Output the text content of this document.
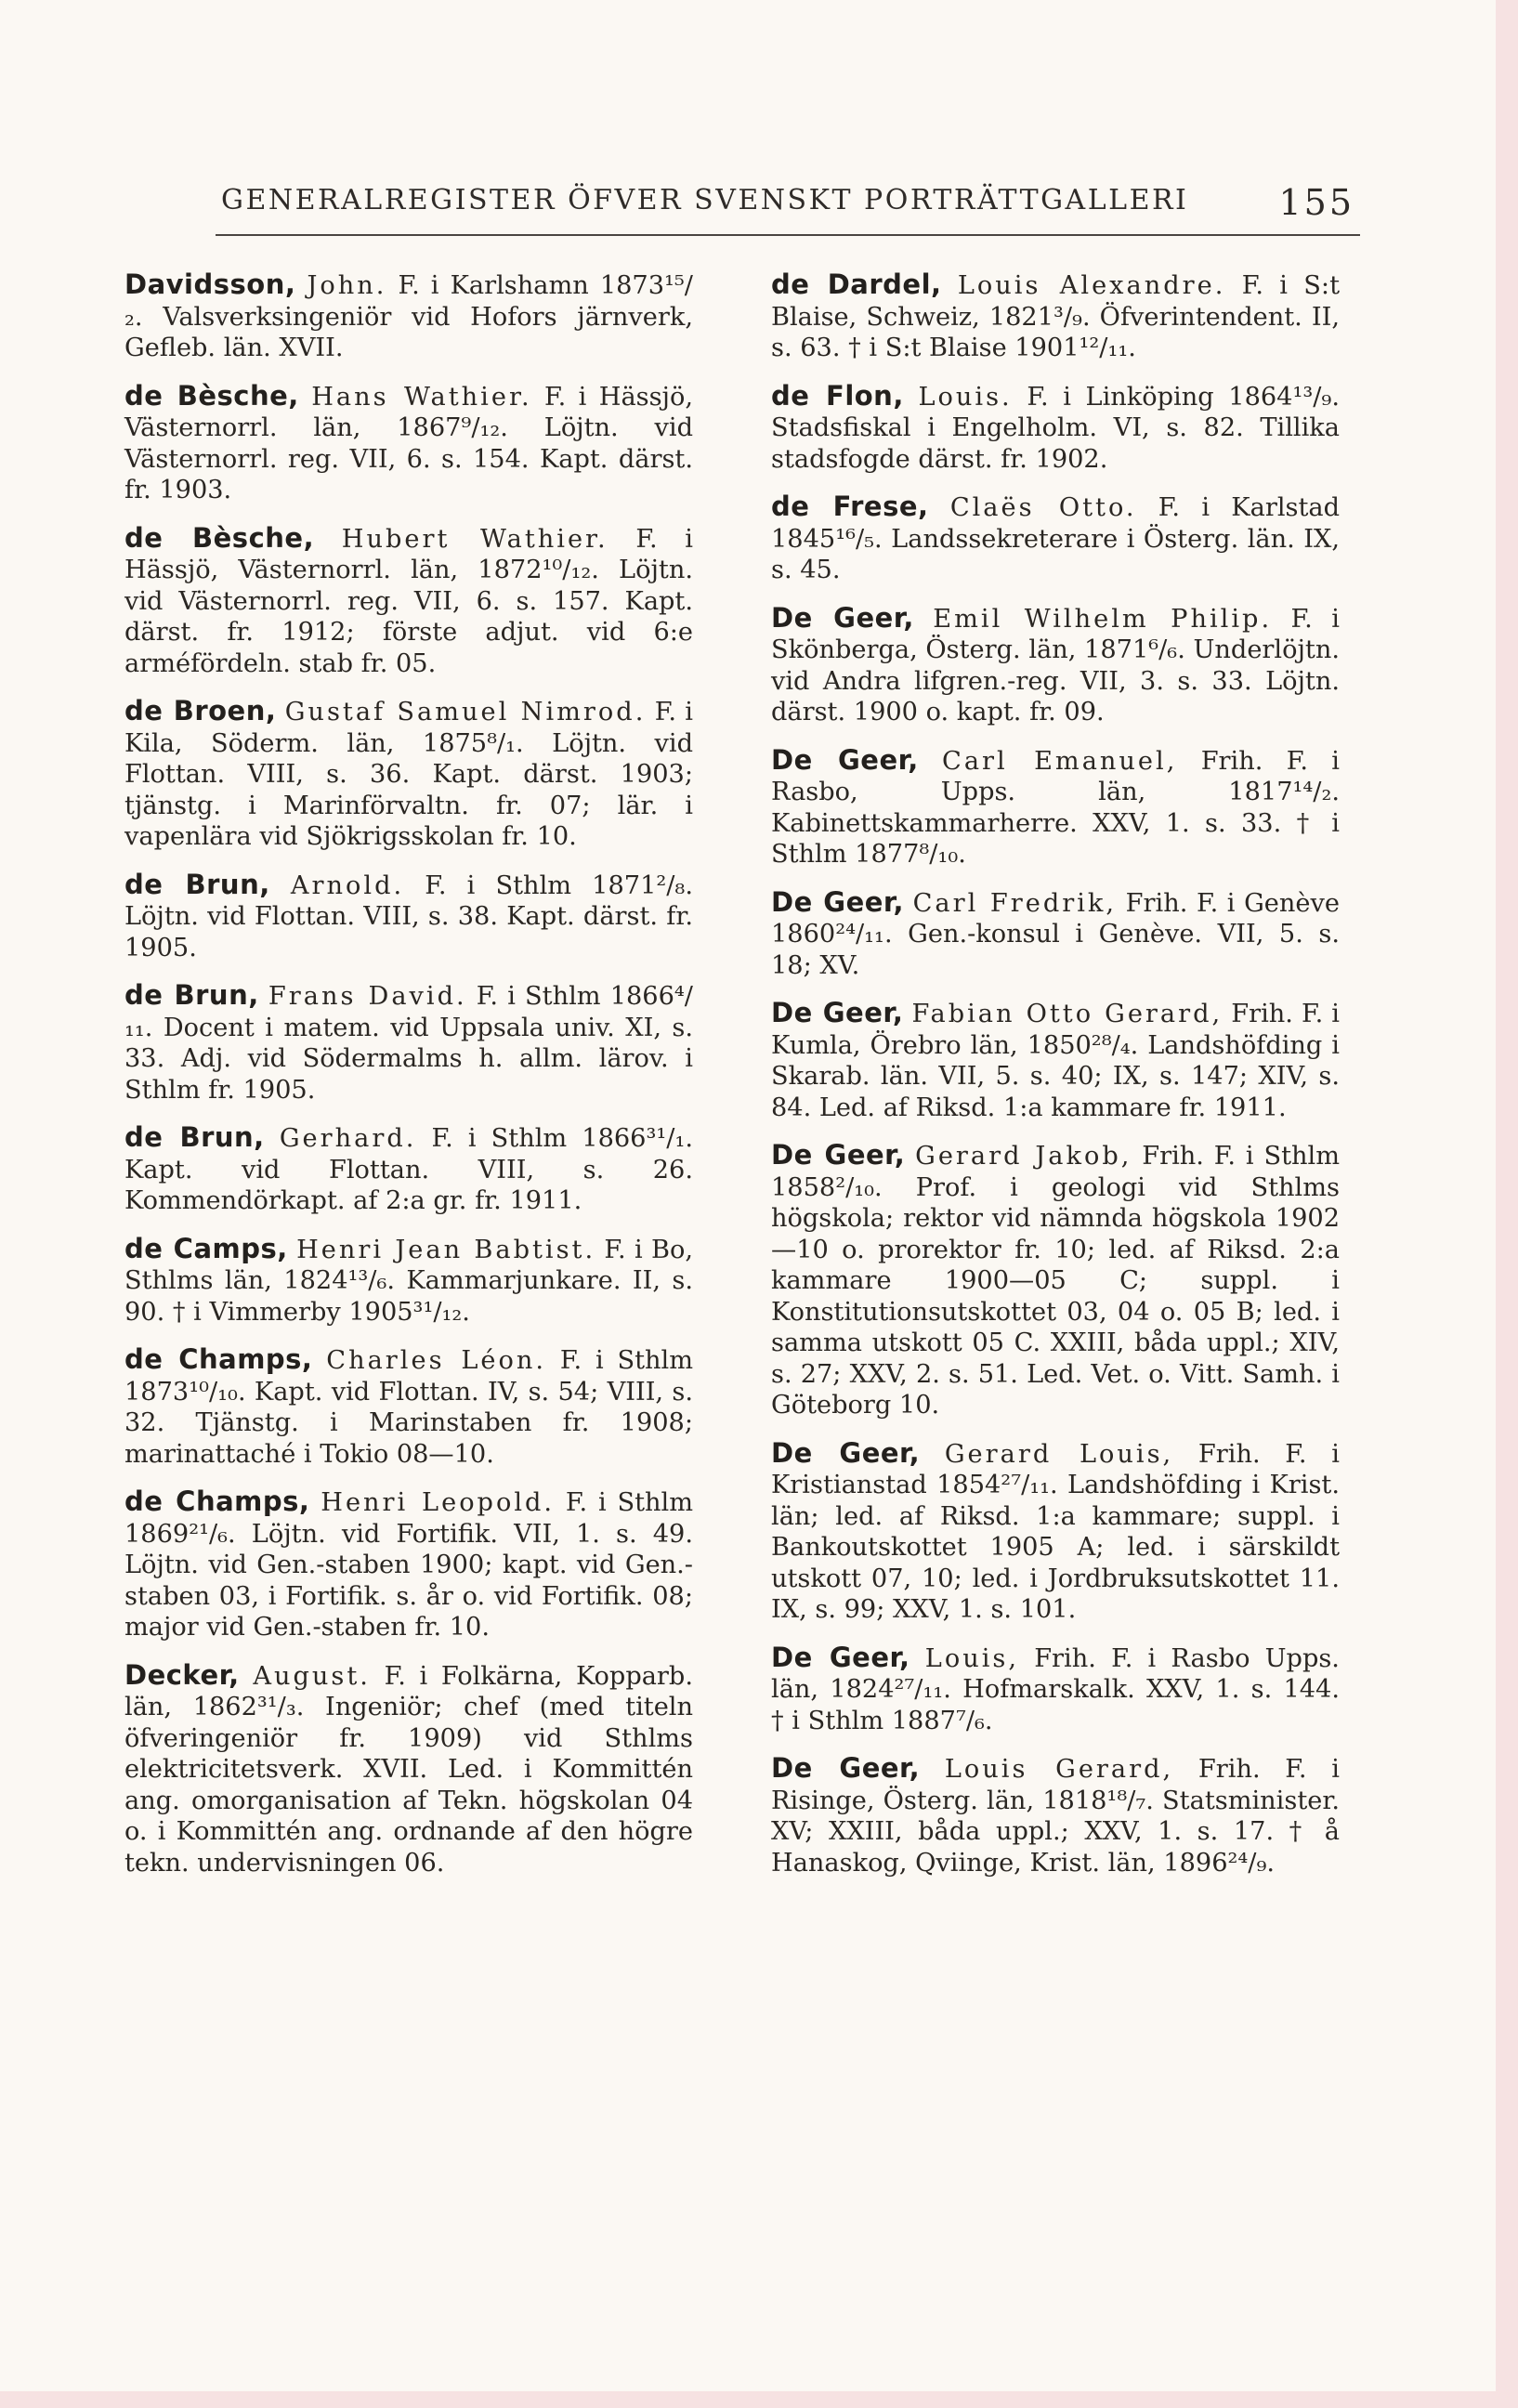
GENERALREGISTER ÖFVER SVENSKT PORTRÄTTGALLERI	155

Davidsson, John. F. i Karlshamn 1873¹⁵/₂. Valsverksingeniör vid Hofors järnverk, Gefleb. län. XVII.

de Bèsche, Hans Wathier. F. i Hässjö, Västernorrl. län, 1867⁹/₁₂. Löjtn. vid Västernorrl. reg. VII, 6. s. 154. Kapt. därst. fr. 1903.

de Bèsche, Hubert Wathier. F. i Hässjö, Västernorrl. län, 1872¹⁰/₁₂. Löjtn. vid Västernorrl. reg. VII, 6. s. 157. Kapt. därst. fr. 1912; förste adjut. vid 6:e arméfördeln. stab fr. 05.

de Broen, Gustaf Samuel Nimrod. F. i Kila, Söderm. län, 1875⁸/₁. Löjtn. vid Flottan. VIII, s. 36. Kapt. därst. 1903; tjänstg. i Marinförvaltn. fr. 07; lär. i vapenlära vid Sjökrigsskolan fr. 10.

de Brun, Arnold. F. i Sthlm 1871²/₈. Löjtn. vid Flottan. VIII, s. 38. Kapt. därst. fr. 1905.

de Brun, Frans David. F. i Sthlm 1866⁴/₁₁. Docent i matem. vid Uppsala univ. XI, s. 33. Adj. vid Södermalms h. allm. lärov. i Sthlm fr. 1905.

de Brun, Gerhard. F. i Sthlm 1866³¹/₁. Kapt. vid Flottan. VIII, s. 26. Kommendörkapt. af 2:a gr. fr. 1911.

de Camps, Henri Jean Babtist. F. i Bo, Sthlms län, 1824¹³/₆. Kammarjunkare. II, s. 90. † i Vimmerby 1905³¹/₁₂.

de Champs, Charles Léon. F. i Sthlm 1873¹⁰/₁₀. Kapt. vid Flottan. IV, s. 54; VIII, s. 32. Tjänstg. i Marinstaben fr. 1908; marinattaché i Tokio 08—10.

de Champs, Henri Leopold. F. i Sthlm 1869²¹/₆. Löjtn. vid Fortifik. VII, 1. s. 49. Löjtn. vid Gen.-staben 1900; kapt. vid Gen.-staben 03, i Fortifik. s. år o. vid Fortifik. 08; major vid Gen.-staben fr. 10.

Decker, August. F. i Folkärna, Kopparb. län, 1862³¹/₃. Ingeniör; chef (med titeln öfveringeniör fr. 1909) vid Sthlms elektricitetsverk. XVII. Led. i Kommittén ang. omorganisation af Tekn. högskolan 04 o. i Kommittén ang. ordnande af den högre tekn. undervisningen 06.

de Dardel, Louis Alexandre. F. i S:t Blaise, Schweiz, 1821³/₉. Öfverintendent. II, s. 63. † i S:t Blaise 1901¹²/₁₁.

de Flon, Louis. F. i Linköping 1864¹³/₉. Stadsfiskal i Engelholm. VI, s. 82. Tillika stadsfogde därst. fr. 1902.

de Frese, Claës Otto. F. i Karlstad 1845¹⁶/₅. Landssekreterare i Österg. län. IX, s. 45.

De Geer, Emil Wilhelm Philip. F. i Skönberga, Österg. län, 1871⁶/₆. Underlöjtn. vid Andra lifgren.-reg. VII, 3. s. 33. Löjtn. därst. 1900 o. kapt. fr. 09.

De Geer, Carl Emanuel, Frih. F. i Rasbo, Upps. län, 1817¹⁴/₂. Kabinettskammarherre. XXV, 1. s. 33. † i Sthlm 1877⁸/₁₀.

De Geer, Carl Fredrik, Frih. F. i Genève 1860²⁴/₁₁. Gen.-konsul i Genève. VII, 5. s. 18; XV.

De Geer, Fabian Otto Gerard, Frih. F. i Kumla, Örebro län, 1850²⁸/₄. Landshöfding i Skarab. län. VII, 5. s. 40; IX, s. 147; XIV, s. 84. Led. af Riksd. 1:a kammare fr. 1911.

De Geer, Gerard Jakob, Frih. F. i Sthlm 1858²/₁₀. Prof. i geologi vid Sthlms högskola; rektor vid nämnda högskola 1902—10 o. prorektor fr. 10; led. af Riksd. 2:a kammare 1900—05 C; suppl. i Konstitutionsutskottet 03, 04 o. 05 B; led. i samma utskott 05 C. XXIII, båda uppl.; XIV, s. 27; XXV, 2. s. 51. Led. Vet. o. Vitt. Samh. i Göteborg 10.

De Geer, Gerard Louis, Frih. F. i Kristianstad 1854²⁷/₁₁. Landshöfding i Krist. län; led. af Riksd. 1:a kammare; suppl. i Bankoutskottet 1905 A; led. i särskildt utskott 07, 10; led. i Jordbruksutskottet 11. IX, s. 99; XXV, 1. s. 101.

De Geer, Louis, Frih. F. i Rasbo Upps. län, 1824²⁷/₁₁. Hofmarskalk. XXV, 1. s. 144. † i Sthlm 1887⁷/₆.

De Geer, Louis Gerard, Frih. F. i Risinge, Österg. län, 1818¹⁸/₇. Statsminister. XV; XXIII, båda uppl.; XXV, 1. s. 17. † å Hanaskog, Qviinge, Krist. län, 1896²⁴/₉.
